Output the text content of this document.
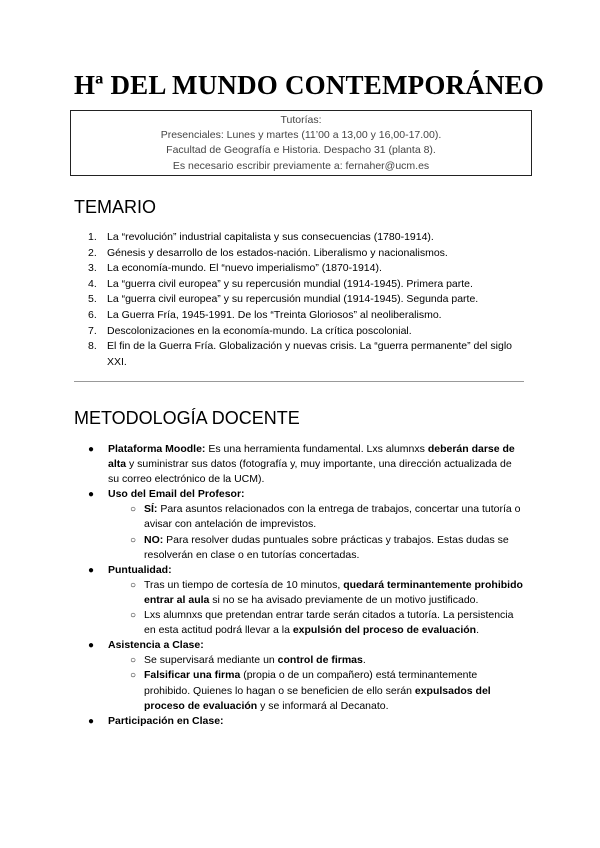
Hª DEL MUNDO CONTEMPORÁNEO
Tutorías:
Presenciales: Lunes y martes (11’00 a 13,00 y 16,00-17.00).
Facultad de Geografía e Historia. Despacho 31 (planta 8).
Es necesario escribir previamente a: fernaher@ucm.es
TEMARIO
1. La “revolución” industrial capitalista y sus consecuencias (1780-1914).
2. Génesis y desarrollo de los estados-nación. Liberalismo y nacionalismos.
3. La economía-mundo. El “nuevo imperialismo” (1870-1914).
4. La “guerra civil europea” y su repercusión mundial (1914-1945). Primera parte.
5. La “guerra civil europea” y su repercusión mundial (1914-1945). Segunda parte.
6. La Guerra Fría, 1945-1991. De los “Treinta Gloriosos” al neoliberalismo.
7. Descolonizaciones en la economía-mundo. La crítica poscolonial.
8. El fin de la Guerra Fría. Globalización y nuevas crisis. La “guerra permanente” del siglo XXI.
METODOLOGÍA DOCENTE
● Plataforma Moodle: Es una herramienta fundamental. Lxs alumnxs deberán darse de alta y suministrar sus datos (fotografía y, muy importante, una dirección actualizada de su correo electrónico de la UCM).
● Uso del Email del Profesor:
○ SÍ: Para asuntos relacionados con la entrega de trabajos, concertar una tutoría o avisar con antelación de imprevistos.
○ NO: Para resolver dudas puntuales sobre prácticas y trabajos. Estas dudas se resolverán en clase o en tutorías concertadas.
● Puntualidad:
○ Tras un tiempo de cortesía de 10 minutos, quedará terminantemente prohibido entrar al aula si no se ha avisado previamente de un motivo justificado.
○ Lxs alumnxs que pretendan entrar tarde serán citados a tutoría. La persistencia en esta actitud podrá llevar a la expulsión del proceso de evaluación.
● Asistencia a Clase:
○ Se supervisará mediante un control de firmas.
○ Falsificar una firma (propia o de un compañero) está terminantemente prohibido. Quienes lo hagan o se beneficien de ello serán expulsados del proceso de evaluación y se informará al Decanato.
● Participación en Clase:
